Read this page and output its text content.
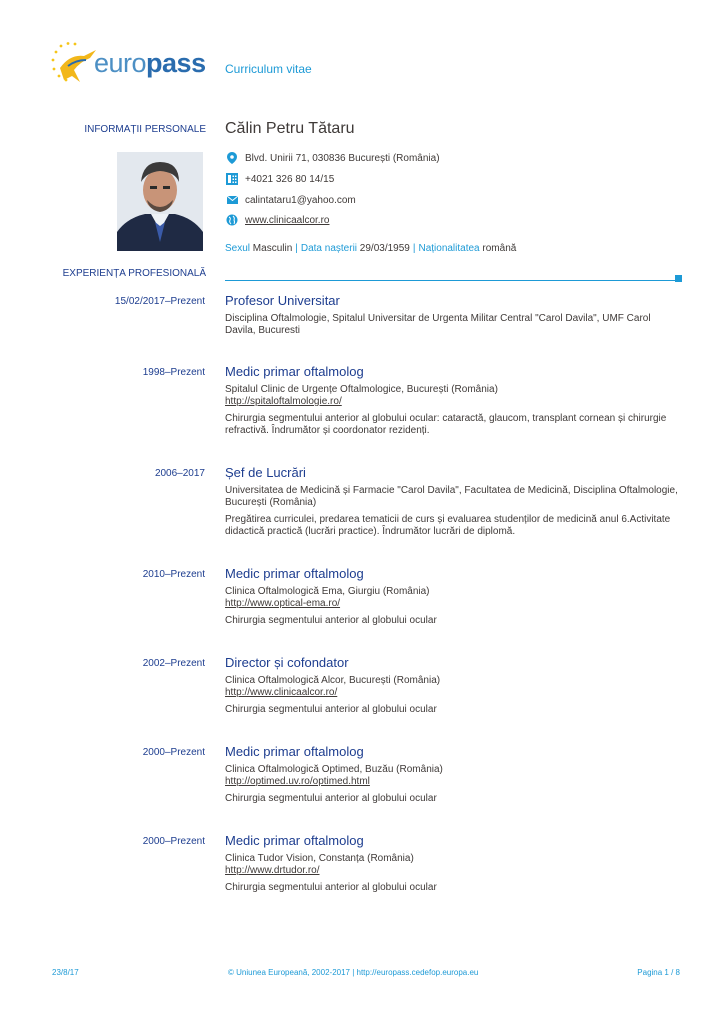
europass Curriculum vitae
INFORMAȚII PERSONALE Călin Petru Tătaru
Blvd. Unirii 71, 030836 București (România)
+4021 326 80 14/15
calintataru1@yahoo.com
www.clinicaalcor.ro
Sexul Masculin | Data nașterii 29/03/1959 | Naționalitatea română
EXPERIENȚA PROFESIONALĂ
15/02/2017–Prezent Profesor Universitar

Disciplina Oftalmologie, Spitalul Universitar de Urgenta Militar Central "Carol Davila", UMF Carol Davila, Bucuresti

1998–Prezent Medic primar oftalmolog

Spitalul Clinic de Urgențe Oftalmologice, București (România)

http://spitaloftalmologie.ro/

Chirurgia segmentului anterior al globului ocular: cataractă, glaucom, transplant cornean și chirurgie refractivă. Îndrumător și coordonator rezidenți.

2006–2017 Șef de Lucrări

Universitatea de Medicină și Farmacie "Carol Davila", Facultatea de Medicină, Disciplina Oftalmologie, București (România)

Pregătirea curriculei, predarea tematicii de curs și evaluarea studenților de medicină anul 6.Activitate didactică practică (lucrări practice). Îndrumător lucrări de diplomă.

2010–Prezent Medic primar oftalmolog

Clinica Oftalmologică Ema, Giurgiu (România)

http://www.optical-ema.ro/

Chirurgia segmentului anterior al globului ocular

2002–Prezent Director și cofondator

Clinica Oftalmologică Alcor, București (România)

http://www.clinicaalcor.ro/

Chirurgia segmentului anterior al globului ocular

2000–Prezent Medic primar oftalmolog

Clinica Oftalmologică Optimed, Buzău (România)

http://optimed.uv.ro/optimed.html

Chirurgia segmentului anterior al globului ocular

2000–Prezent Medic primar oftalmolog

Clinica Tudor Vision, Constanța (România)

http://www.drtudor.ro/

Chirurgia segmentului anterior al globului ocular

23/8/17	© Uniunea Europeană, 2002-2017 | http://europass.cedefop.europa.eu	Pagina 1 / 8
